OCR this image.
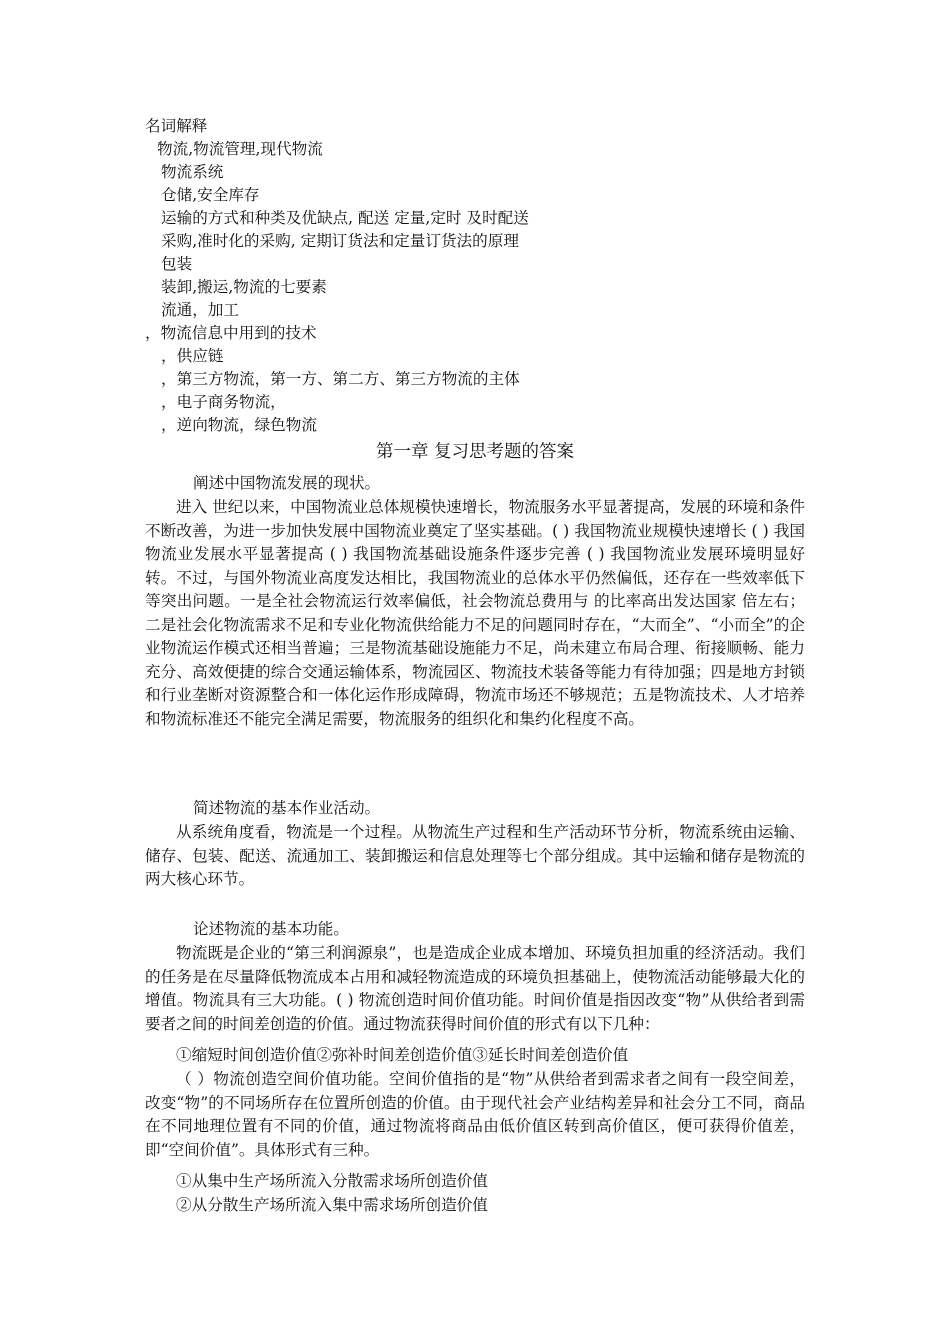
名词解释

物流,物流管理,现代物流

物流系统

仓储,安全库存

运输的方式和种类及优缺点, 配送 定量,定时 及时配送

采购,准时化的采购, 定期订货法和定量订货法的原理

包装

装卸,搬运,物流的七要素

流通，加工

，物流信息中用到的技术

，供应链

，第三方物流，第一方、第二方、第三方物流的主体

，电子商务物流，

，逆向物流，绿色物流

第一章 复习思考题的答案

阐述中国物流发展的现状。

进入 世纪以来，中国物流业总体规模快速增长，物流服务水平显著提高，发展的环境和条件不断改善，为进一步加快发展中国物流业奠定了坚实基础。( ) 我国物流业规模快速增长 ( ) 我国物流业发展水平显著提高 ( ) 我国物流基础设施条件逐步完善 ( ) 我国物流业发展环境明显好转。不过，与国外物流业高度发达相比，我国物流业的总体水平仍然偏低，还存在一些效率低下等突出问题。一是全社会物流运行效率偏低，社会物流总费用与 的比率高出发达国家 倍左右；二是社会化物流需求不足和专业化物流供给能力不足的问题同时存在，“大而全”、“小而全”的企业物流运作模式还相当普遍；三是物流基础设施能力不足，尚未建立布局合理、衔接顺畅、能力充分、高效便捷的综合交通运输体系，物流园区、物流技术装备等能力有待加强；四是地方封锁和行业垄断对资源整合和一体化运作形成障碍，物流市场还不够规范；五是物流技术、人才培养和物流标准还不能完全满足需要，物流服务的组织化和集约化程度不高。

简述物流的基本作业活动。

从系统角度看，物流是一个过程。从物流生产过程和生产活动环节分析，物流系统由运输、储存、包装、配送、流通加工、装卸搬运和信息处理等七个部分组成。其中运输和储存是物流的两大核心环节。

论述物流的基本功能。

物流既是企业的“第三利润源泉”，也是造成企业成本增加、环境负担加重的经济活动。我们的任务是在尽量降低物流成本占用和减轻物流造成的环境负担基础上，使物流活动能够最大化的增值。物流具有三大功能。( ) 物流创造时间价值功能。时间价值是指因改变“物”从供给者到需要者之间的时间差创造的价值。通过物流获得时间价值的形式有以下几种：

①缩短时间创造价值②弥补时间差创造价值③延长时间差创造价值

（ ）物流创造空间价值功能。空间价值指的是“物”从供给者到需求者之间有一段空间差，改变“物”的不同场所存在位置所创造的价值。由于现代社会产业结构差异和社会分工不同，商品在不同地理位置有不同的价值，通过物流将商品由低价值区转到高价值区，便可获得价值差，即“空间价值”。具体形式有三种。

①从集中生产场所流入分散需求场所创造价值

②从分散生产场所流入集中需求场所创造价值
